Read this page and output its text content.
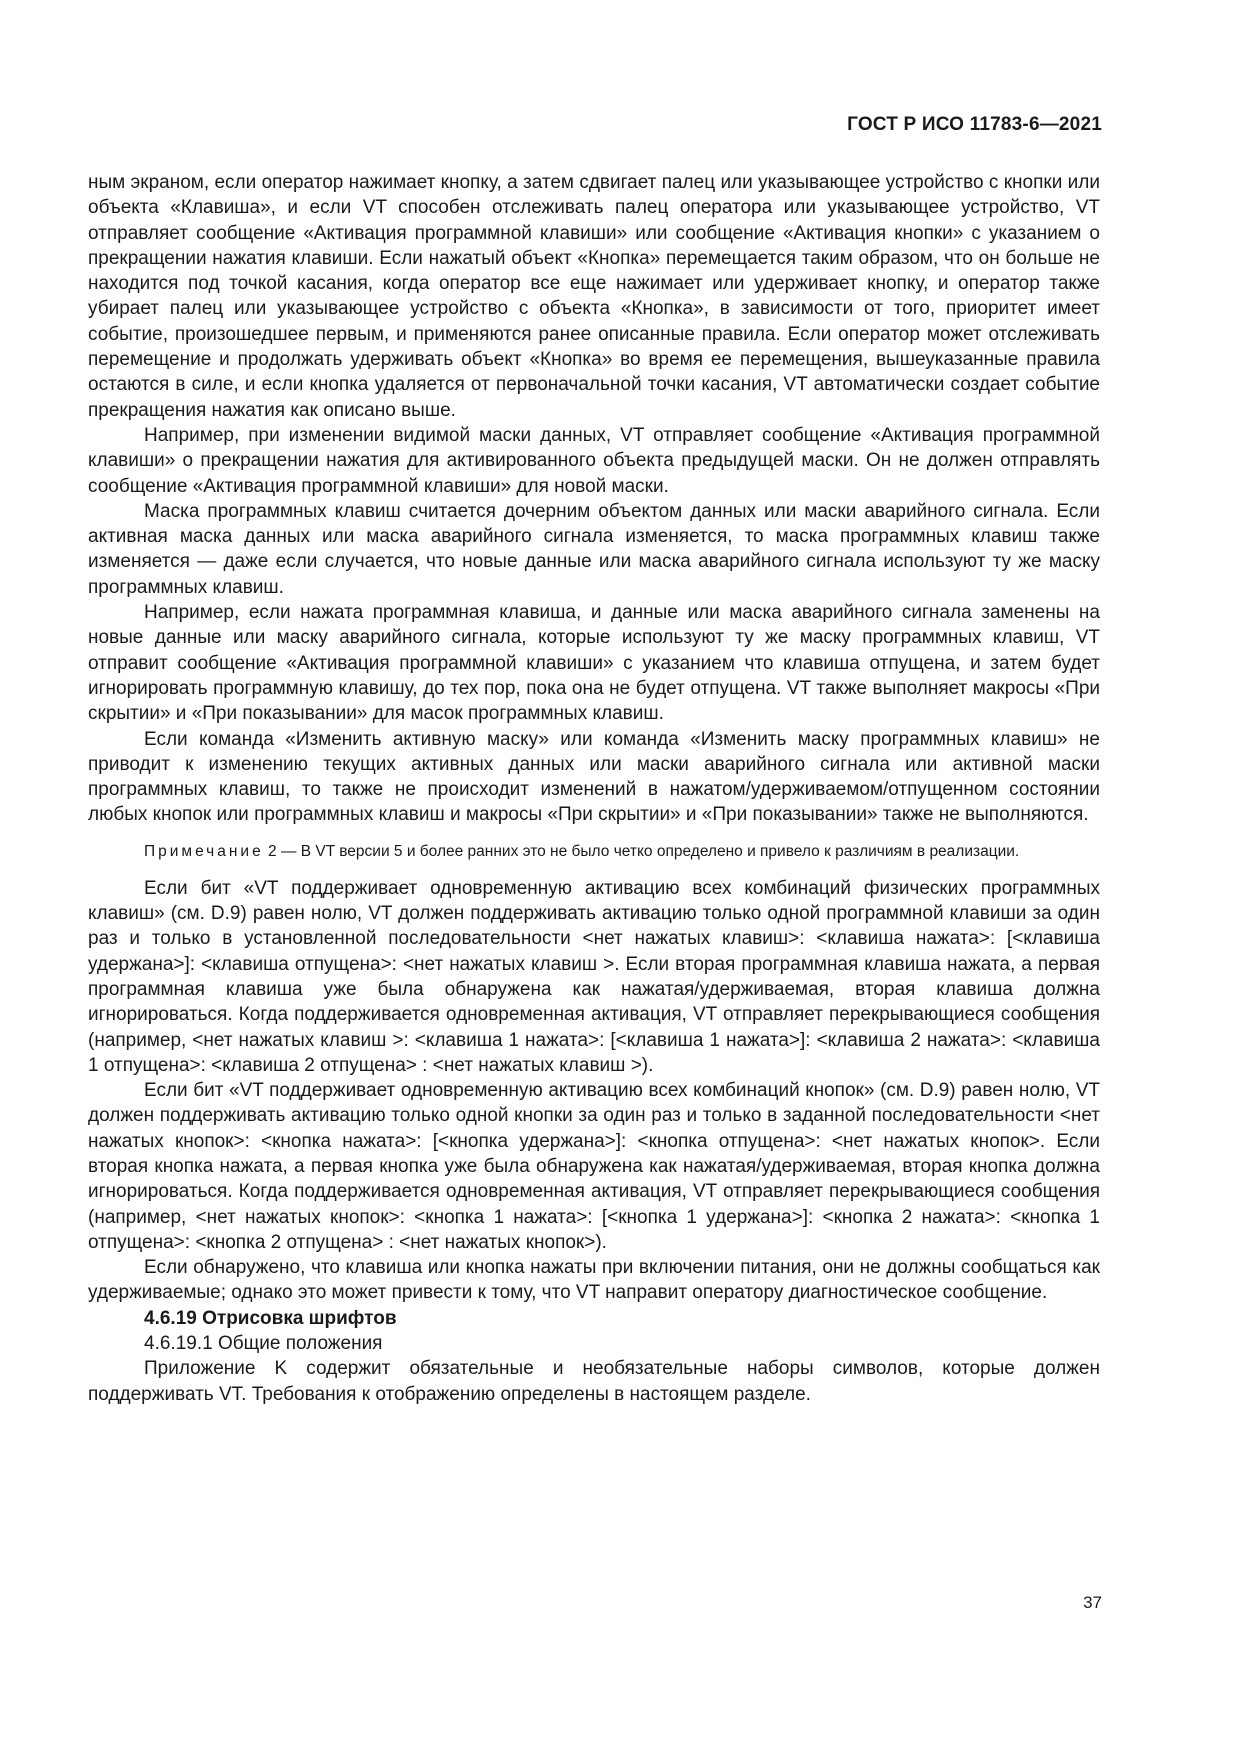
ГОСТ Р ИСО 11783-6—2021

ным экраном, если оператор нажимает кнопку, а затем сдвигает палец или указывающее устройство с кнопки или объекта «Клавиша», и если VT способен отслеживать палец оператора или указывающее устройство, VT отправляет сообщение «Активация программной клавиши» или сообщение «Активация кнопки» с указанием о прекращении нажатия клавиши. Если нажатый объект «Кнопка» перемещается таким образом, что он больше не находится под точкой касания, когда оператор все еще нажимает или удерживает кнопку, и оператор также убирает палец или указывающее устройство с объекта «Кнопка», в зависимости от того, приоритет имеет событие, произошедшее первым, и применяются ранее описанные правила. Если оператор может отслеживать перемещение и продолжать удерживать объект «Кнопка» во время ее перемещения, вышеуказанные правила остаются в силе, и если кнопка удаляется от первоначальной точки касания, VT автоматически создает событие прекращения нажатия как описано выше.

Например, при изменении видимой маски данных, VT отправляет сообщение «Активация программной клавиши» о прекращении нажатия для активированного объекта предыдущей маски. Он не должен отправлять сообщение «Активация программной клавиши» для новой маски.

Маска программных клавиш считается дочерним объектом данных или маски аварийного сигнала. Если активная маска данных или маска аварийного сигнала изменяется, то маска программных клавиш также изменяется — даже если случается, что новые данные или маска аварийного сигнала используют ту же маску программных клавиш.

Например, если нажата программная клавиша, и данные или маска аварийного сигнала заменены на новые данные или маску аварийного сигнала, которые используют ту же маску программных клавиш, VT отправит сообщение «Активация программной клавиши» с указанием что клавиша отпущена, и затем будет игнорировать программную клавишу, до тех пор, пока она не будет отпущена. VT также выполняет макросы «При скрытии» и «При показывании» для масок программных клавиш.

Если команда «Изменить активную маску» или команда «Изменить маску программных клавиш» не приводит к изменению текущих активных данных или маски аварийного сигнала или активной маски программных клавиш, то также не происходит изменений в нажатом/удерживаемом/отпущенном состоянии любых кнопок или программных клавиш и макросы «При скрытии» и «При показывании» также не выполняются.

Примечание 2 — В VT версии 5 и более ранних это не было четко определено и привело к различиям в реализации.

Если бит «VT поддерживает одновременную активацию всех комбинаций физических программных клавиш» (см. D.9) равен нолю, VT должен поддерживать активацию только одной программной клавиши за один раз и только в установленной последовательности <нет нажатых клавиш>: <клавиша нажата>: [<клавиша удержана>]: <клавиша отпущена>: <нет нажатых клавиш >. Если вторая программная клавиша нажата, а первая программная клавиша уже была обнаружена как нажатая/удерживаемая, вторая клавиша должна игнорироваться. Когда поддерживается одновременная активация, VT отправляет перекрывающиеся сообщения (например, <нет нажатых клавиш >: <клавиша 1 нажата>: [<клавиша 1 нажата>]: <клавиша 2 нажата>: <клавиша 1 отпущена>: <клавиша 2 отпущена> : <нет нажатых клавиш >).

Если бит «VT поддерживает одновременную активацию всех комбинаций кнопок» (см. D.9) равен нолю, VT должен поддерживать активацию только одной кнопки за один раз и только в заданной последовательности <нет нажатых кнопок>: <кнопка нажата>: [<кнопка удержана>]: <кнопка отпущена>: <нет нажатых кнопок>. Если вторая кнопка нажата, а первая кнопка уже была обнаружена как нажатая/удерживаемая, вторая кнопка должна игнорироваться. Когда поддерживается одновременная активация, VT отправляет перекрывающиеся сообщения (например, <нет нажатых кнопок>: <кнопка 1 нажата>: [<кнопка 1 удержана>]: <кнопка 2 нажата>: <кнопка 1 отпущена>: <кнопка 2 отпущена> : <нет нажатых кнопок>).

Если обнаружено, что клавиша или кнопка нажаты при включении питания, они не должны сообщаться как удерживаемые; однако это может привести к тому, что VT направит оператору диагностическое сообщение.

4.6.19 Отрисовка шрифтов

4.6.19.1 Общие положения

Приложение K содержит обязательные и необязательные наборы символов, которые должен поддерживать VT. Требования к отображению определены в настоящем разделе.

37
